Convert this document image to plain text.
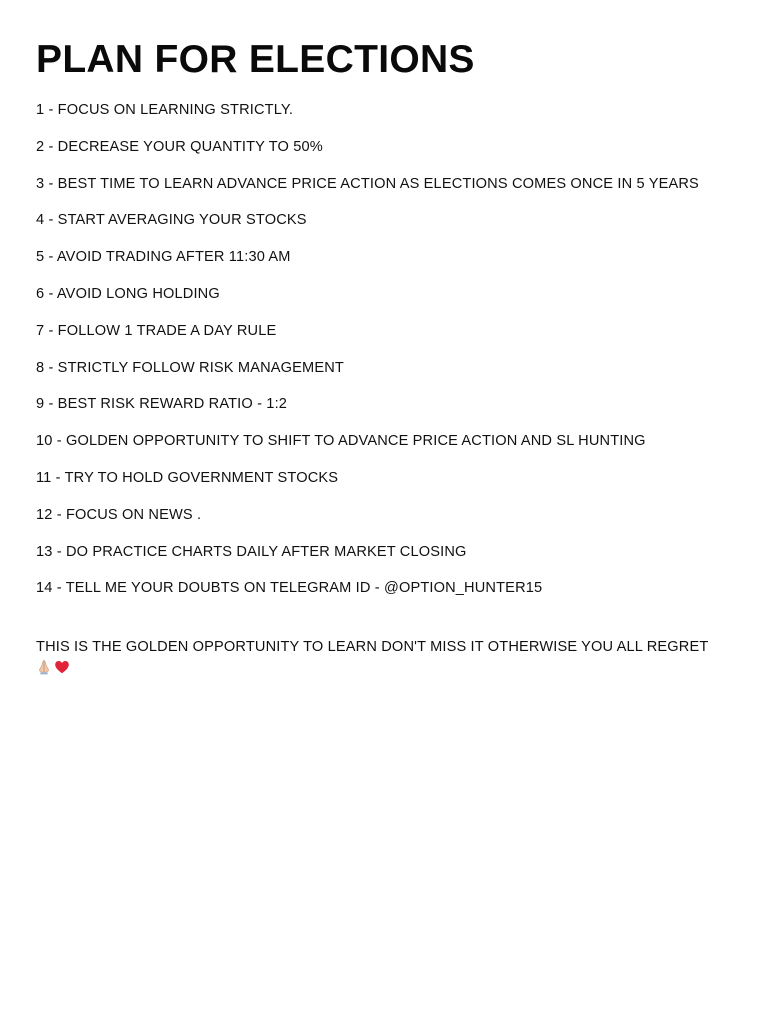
PLAN FOR ELECTIONS
1 - FOCUS ON LEARNING STRICTLY.
2 - DECREASE YOUR QUANTITY TO 50%
3 - BEST TIME TO LEARN ADVANCE PRICE ACTION AS ELECTIONS COMES ONCE IN 5 YEARS
4 - START AVERAGING YOUR STOCKS
5 - AVOID TRADING AFTER 11:30 AM
6 - AVOID LONG HOLDING
7 - FOLLOW 1 TRADE A DAY RULE
8 - STRICTLY FOLLOW RISK MANAGEMENT
9 - BEST RISK REWARD RATIO - 1:2
10 - GOLDEN OPPORTUNITY TO SHIFT TO ADVANCE PRICE ACTION AND SL HUNTING
11 - TRY TO HOLD GOVERNMENT STOCKS
12 - FOCUS ON NEWS .
13 - DO PRACTICE CHARTS DAILY AFTER MARKET CLOSING
14 - TELL ME YOUR DOUBTS ON TELEGRAM ID - @OPTION_HUNTER15
THIS IS THE GOLDEN OPPORTUNITY TO LEARN DON'T MISS IT OTHERWISE YOU ALL REGRET
